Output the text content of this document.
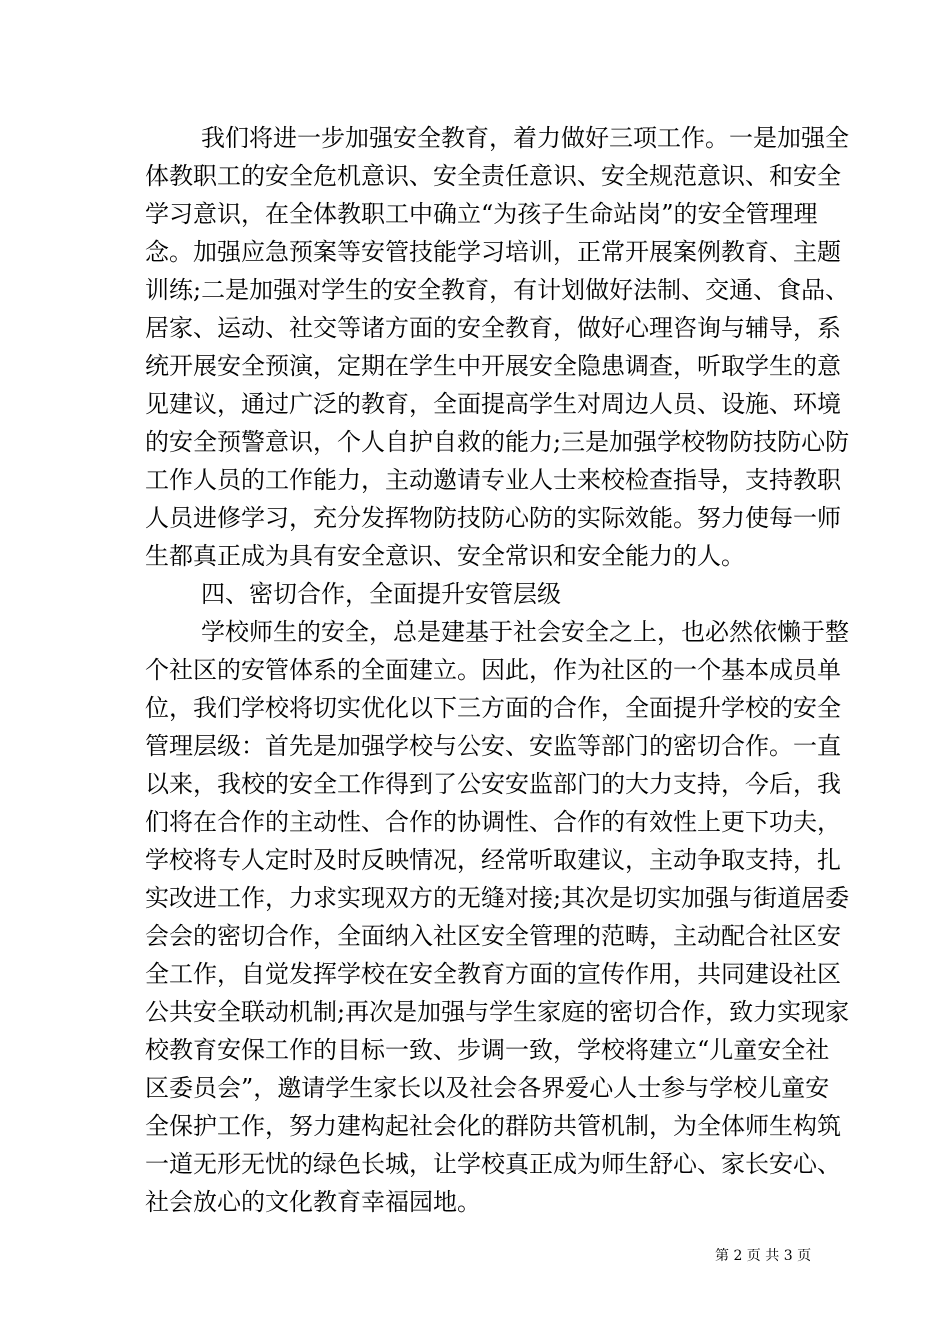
我们将进一步加强安全教育，着力做好三项工作。一是加强全
体教职工的安全危机意识、安全责任意识、安全规范意识、和安全
学习意识，在全体教职工中确立“为孩子生命站岗”的安全管理理
念。加强应急预案等安管技能学习培训，正常开展案例教育、主题
训练;二是加强对学生的安全教育，有计划做好法制、交通、食品、
居家、运动、社交等诸方面的安全教育，做好心理咨询与辅导，系
统开展安全预演，定期在学生中开展安全隐患调查，听取学生的意
见建议，通过广泛的教育，全面提高学生对周边人员、设施、环境
的安全预警意识，个人自护自救的能力;三是加强学校物防技防心防
工作人员的工作能力，主动邀请专业人士来校检查指导，支持教职
人员进修学习，充分发挥物防技防心防的实际效能。努力使每一师
生都真正成为具有安全意识、安全常识和安全能力的人。
四、密切合作，全面提升安管层级
学校师生的安全，总是建基于社会安全之上，也必然依懒于整
个社区的安管体系的全面建立。因此，作为社区的一个基本成员单
位，我们学校将切实优化以下三方面的合作，全面提升学校的安全
管理层级：首先是加强学校与公安、安监等部门的密切合作。一直
以来，我校的安全工作得到了公安安监部门的大力支持，今后，我
们将在合作的主动性、合作的协调性、合作的有效性上更下功夫，
学校将专人定时及时反映情况，经常听取建议，主动争取支持，扎
实改进工作，力求实现双方的无缝对接;其次是切实加强与街道居委
会会的密切合作，全面纳入社区安全管理的范畴，主动配合社区安
全工作，自觉发挥学校在安全教育方面的宣传作用，共同建设社区
公共安全联动机制;再次是加强与学生家庭的密切合作，致力实现家
校教育安保工作的目标一致、步调一致，学校将建立“儿童安全社
区委员会”，邀请学生家长以及社会各界爱心人士参与学校儿童安
全保护工作，努力建构起社会化的群防共管机制，为全体师生构筑
一道无形无忧的绿色长城，让学校真正成为师生舒心、家长安心、
社会放心的文化教育幸福园地。
第 2 页 共 3 页
